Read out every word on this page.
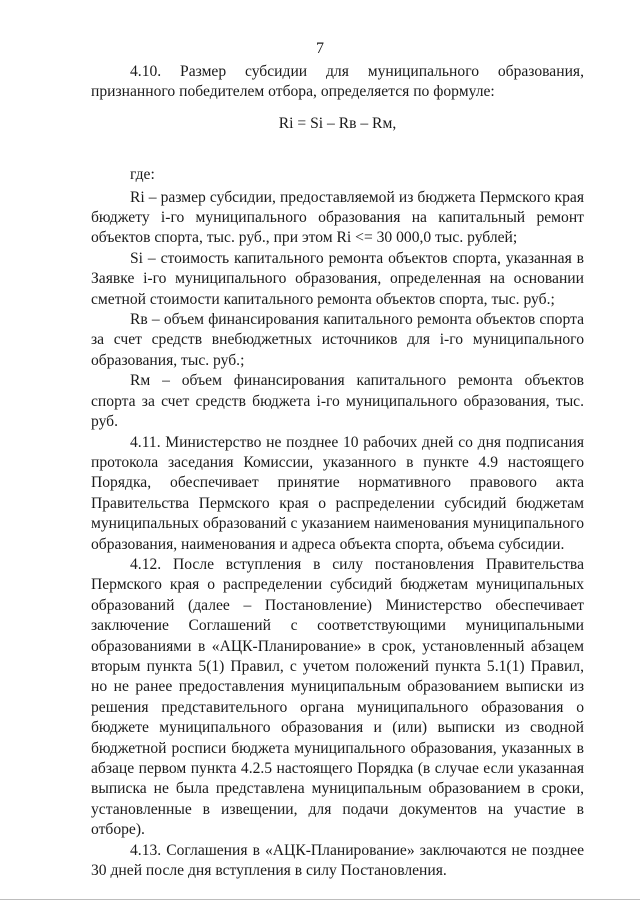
7

4.10. Размер субсидии для муниципального образования, признанного победителем отбора, определяется по формуле:

Ri = Si – Rв – Rм,

где:

Ri – размер субсидии, предоставляемой из бюджета Пермского края бюджету i-го муниципального образования на капитальный ремонт объектов спорта, тыс. руб., при этом Ri <= 30 000,0 тыс. рублей;

Si – стоимость капитального ремонта объектов спорта, указанная в Заявке i-го муниципального образования, определенная на основании сметной стоимости капитального ремонта объектов спорта, тыс. руб.;

Rв – объем финансирования капитального ремонта объектов спорта за счет средств внебюджетных источников для i-го муниципального образования, тыс. руб.;

Rм – объем финансирования капитального ремонта объектов спорта за счет средств бюджета i-го муниципального образования, тыс. руб.

4.11. Министерство не позднее 10 рабочих дней со дня подписания протокола заседания Комиссии, указанного в пункте 4.9 настоящего Порядка, обеспечивает принятие нормативного правового акта Правительства Пермского края о распределении субсидий бюджетам муниципальных образований с указанием наименования муниципального образования, наименования и адреса объекта спорта, объема субсидии.

4.12. После вступления в силу постановления Правительства Пермского края о распределении субсидий бюджетам муниципальных образований (далее – Постановление) Министерство обеспечивает заключение Соглашений с соответствующими муниципальными образованиями в «АЦК-Планирование» в срок, установленный абзацем вторым пункта 5(1) Правил, с учетом положений пункта 5.1(1) Правил, но не ранее предоставления муниципальным образованием выписки из решения представительного органа муниципального образования о бюджете муниципального образования и (или) выписки из сводной бюджетной росписи бюджета муниципального образования, указанных в абзаце первом пункта 4.2.5 настоящего Порядка (в случае если указанная выписка не была представлена муниципальным образованием в сроки, установленные в извещении, для подачи документов на участие в отборе).

4.13. Соглашения в «АЦК-Планирование» заключаются не позднее 30 дней после дня вступления в силу Постановления.
